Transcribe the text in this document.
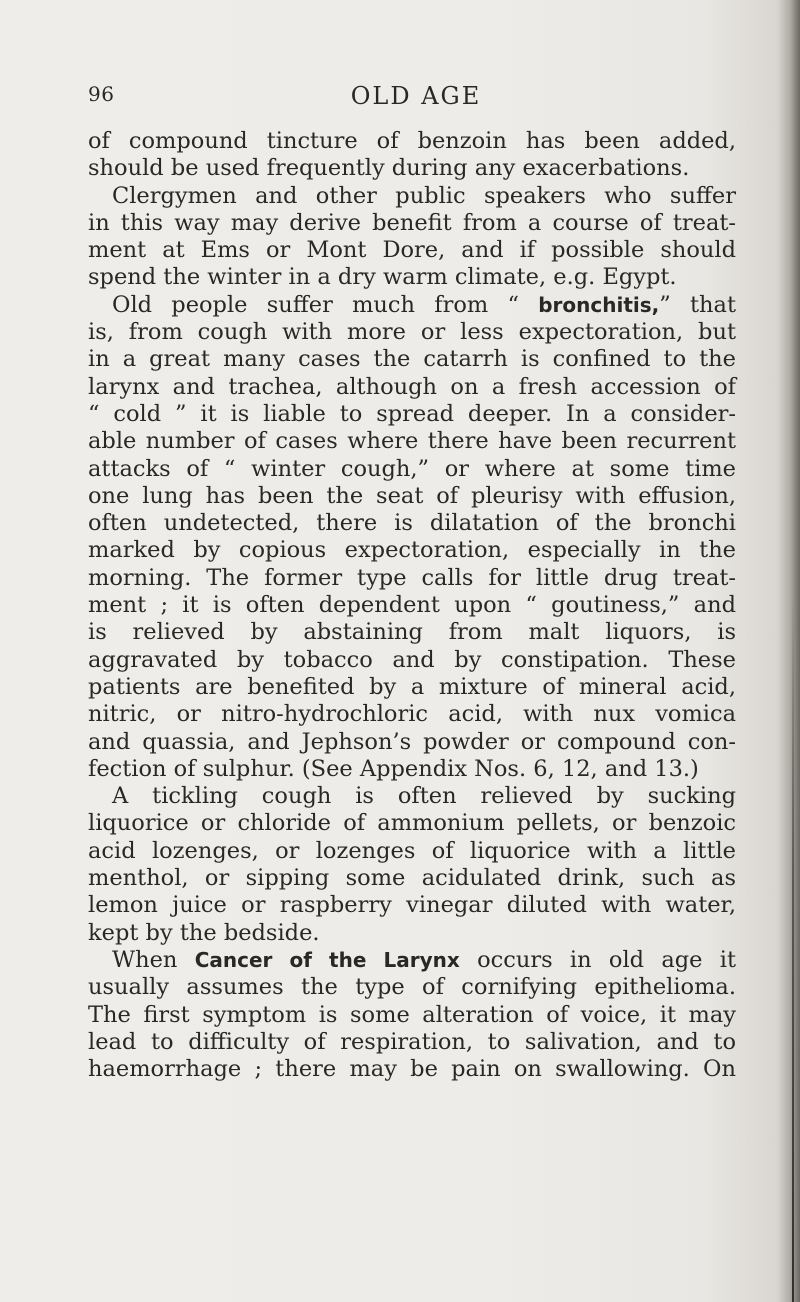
96	OLD AGE
of compound tincture of benzoin has been added,
should be used frequently during any exacerbations.
Clergymen and other public speakers who suffer
in this way may derive benefit from a course of treat-
ment at Ems or Mont Dore, and if possible should
spend the winter in a dry warm climate, e.g. Egypt.
Old people suffer much from “ bronchitis,” that
is, from cough with more or less expectoration, but
in a great many cases the catarrh is confined to the
larynx and trachea, although on a fresh accession of
“ cold ” it is liable to spread deeper. In a consider-
able number of cases where there have been recurrent
attacks of “ winter cough,” or where at some time
one lung has been the seat of pleurisy with effusion,
often undetected, there is dilatation of the bronchi
marked by copious expectoration, especially in the
morning. The former type calls for little drug treat-
ment ; it is often dependent upon “ goutiness,” and
is relieved by abstaining from malt liquors, is
aggravated by tobacco and by constipation. These
patients are benefited by a mixture of mineral acid,
nitric, or nitro-hydrochloric acid, with nux vomica
and quassia, and Jephson’s powder or compound con-
fection of sulphur. (See Appendix Nos. 6, 12, and 13.)
A tickling cough is often relieved by sucking
liquorice or chloride of ammonium pellets, or benzoic
acid lozenges, or lozenges of liquorice with a little
menthol, or sipping some acidulated drink, such as
lemon juice or raspberry vinegar diluted with water,
kept by the bedside.
When Cancer of the Larynx occurs in old age it
usually assumes the type of cornifying epithelioma.
The first symptom is some alteration of voice, it may
lead to difficulty of respiration, to salivation, and to
haemorrhage ; there may be pain on swallowing. On
